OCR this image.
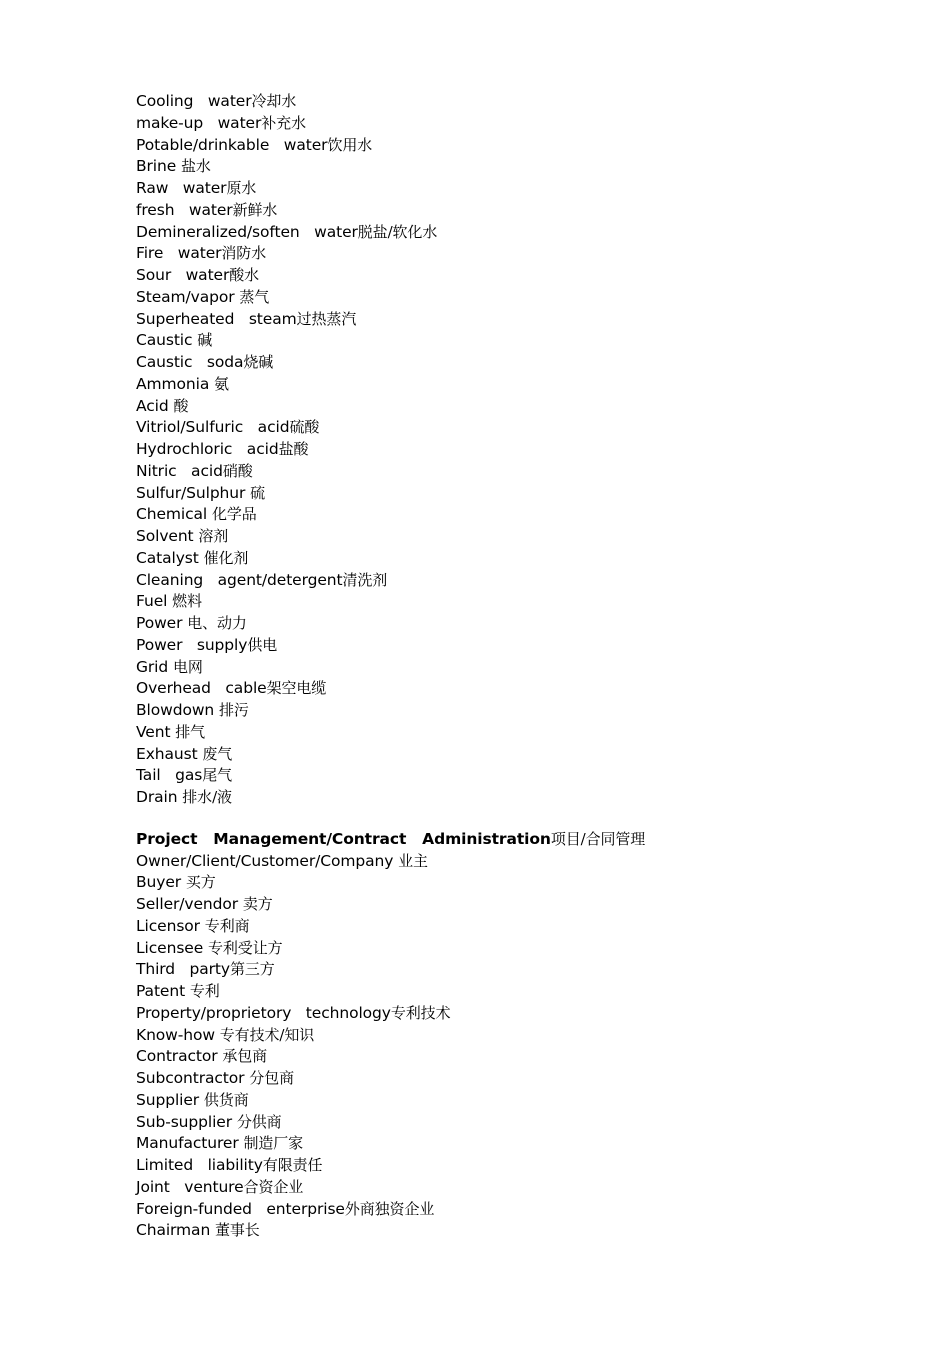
Cooling   water冷却水
make-up   water补充水
Potable/drinkable   water饮用水
Brine 盐水
Raw   water原水
fresh   water新鲜水
Demineralized/soften   water脱盐/软化水
Fire   water消防水
Sour   water酸水
Steam/vapor 蒸气
Superheated   steam过热蒸汽
Caustic 碱
Caustic   soda烧碱
Ammonia 氨
Acid 酸
Vitriol/Sulfuric   acid硫酸
Hydrochloric   acid盐酸
Nitric   acid硝酸
Sulfur/Sulphur 硫
Chemical 化学品
Solvent 溶剂
Catalyst 催化剂
Cleaning   agent/detergent清洗剂
Fuel 燃料
Power 电、动力
Power   supply供电
Grid 电网
Overhead   cable架空电缆
Blowdown 排污
Vent 排气
Exhaust 废气
Tail   gas尾气
Drain 排水/液
Project   Management/Contract   Administration项目/合同管理
Owner/Client/Customer/Company 业主
Buyer 买方
Seller/vendor 卖方
Licensor 专利商
Licensee 专利受让方
Third   party第三方
Patent 专利
Property/proprietory   technology专利技术
Know-how 专有技术/知识
Contractor 承包商
Subcontractor 分包商
Supplier 供货商
Sub-supplier 分供商
Manufacturer 制造厂家
Limited   liability有限责任
Joint   venture合资企业
Foreign-funded   enterprise外商独资企业
Chairman 董事长
